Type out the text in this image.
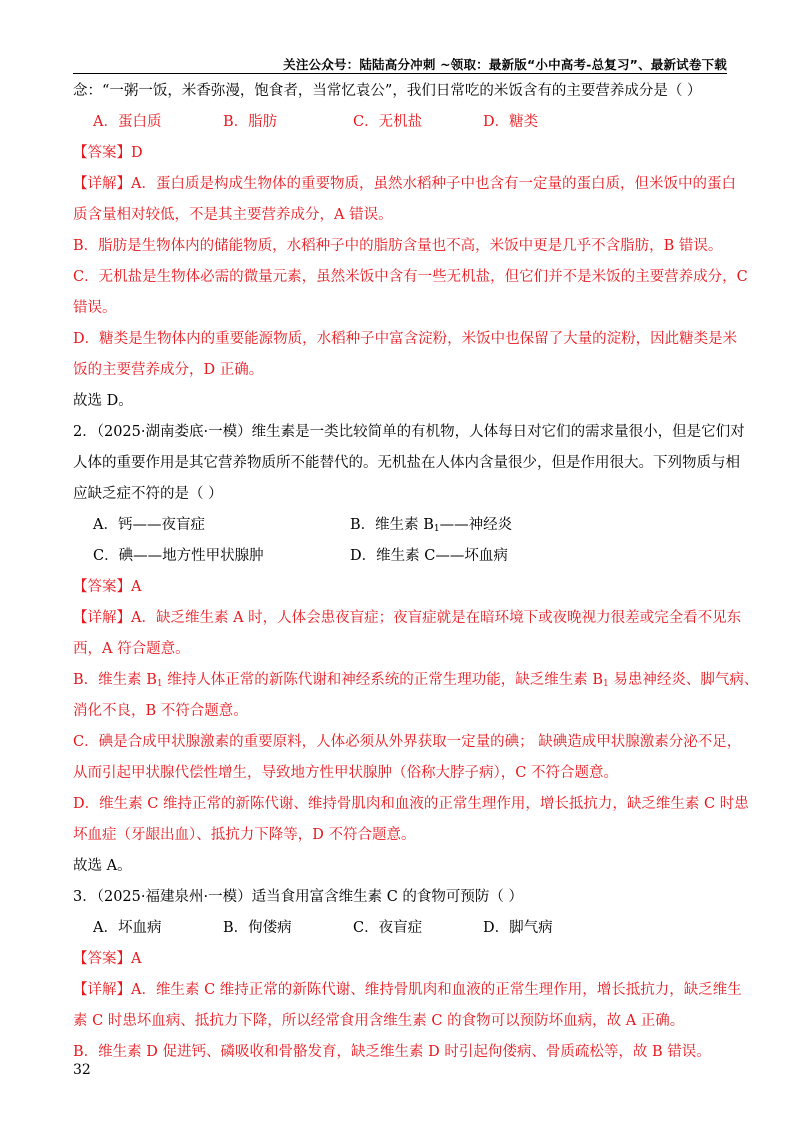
关注公众号：陆陆高分冲刺 ~领取：最新版“小中高考-总复习”、最新试卷下载
念：“一粥一饭，米香弥漫，饱食者，当常忆袁公”，我们日常吃的米饭含有的主要营养成分是（ ）
A．蛋白质	B．脂肪	C．无机盐	D．糖类
【答案】D
【详解】A．蛋白质是构成生物体的重要物质，虽然水稻种子中也含有一定量的蛋白质，但米饭中的蛋白
质含量相对较低，不是其主要营养成分，A 错误。
B．脂肪是生物体内的储能物质，水稻种子中的脂肪含量也不高，米饭中更是几乎不含脂肪，B 错误。
C．无机盐是生物体必需的微量元素，虽然米饭中含有一些无机盐，但它们并不是米饭的主要营养成分，C
错误。
D．糖类是生物体内的重要能源物质，水稻种子中富含淀粉，米饭中也保留了大量的淀粉，因此糖类是米
饭的主要营养成分，D 正确。
故选 D。
2．（2025·湖南娄底·一模）维生素是一类比较简单的有机物，人体每日对它们的需求量很小，但是它们对
人体的重要作用是其它营养物质所不能替代的。无机盐在人体内含量很少，但是作用很大。下列物质与相
应缺乏症不符的是（ ）
A．钙——夜盲症	B．维生素 $B_1——$神经炎
C．碘——地方性甲状腺肿	D．维生素 C——坏血病
【答案】A
【详解】A．缺乏维生素 A 时，人体会患夜盲症；夜盲症就是在暗环境下或夜晚视力很差或完全看不见东
西，A 符合题意。
B．维生素 $B_1$ 维持人体正常的新陈代谢和神经系统的正常生理功能，缺乏维生素 $B_1$ 易患神经炎、脚气病、
消化不良，B 不符合题意。
C．碘是合成甲状腺激素的重要原料，人体必须从外界获取一定量的碘； 缺碘造成甲状腺激素分泌不足，
从而引起甲状腺代偿性增生，导致地方性甲状腺肿（俗称大脖子病），C 不符合题意。
D．维生素 C 维持正常的新陈代谢、维持骨肌肉和血液的正常生理作用，增长抵抗力，缺乏维生素 C 时患
坏血症（牙龈出血）、抵抗力下降等，D 不符合题意。
故选 A。
3．（2025·福建泉州·一模）适当食用富含维生素 C 的食物可预防（ ）
A．坏血病	B．佝偻病	C．夜盲症	D．脚气病
【答案】A
【详解】A．维生素 C 维持正常的新陈代谢、维持骨肌肉和血液的正常生理作用，增长抵抗力，缺乏维生
素 C 时患坏血病、抵抗力下降，所以经常食用含维生素 C 的食物可以预防坏血病，故 A 正确。
B．维生素 D 促进钙、磷吸收和骨骼发育，缺乏维生素 D 时引起佝偻病、骨质疏松等，故 B 错误。
32
